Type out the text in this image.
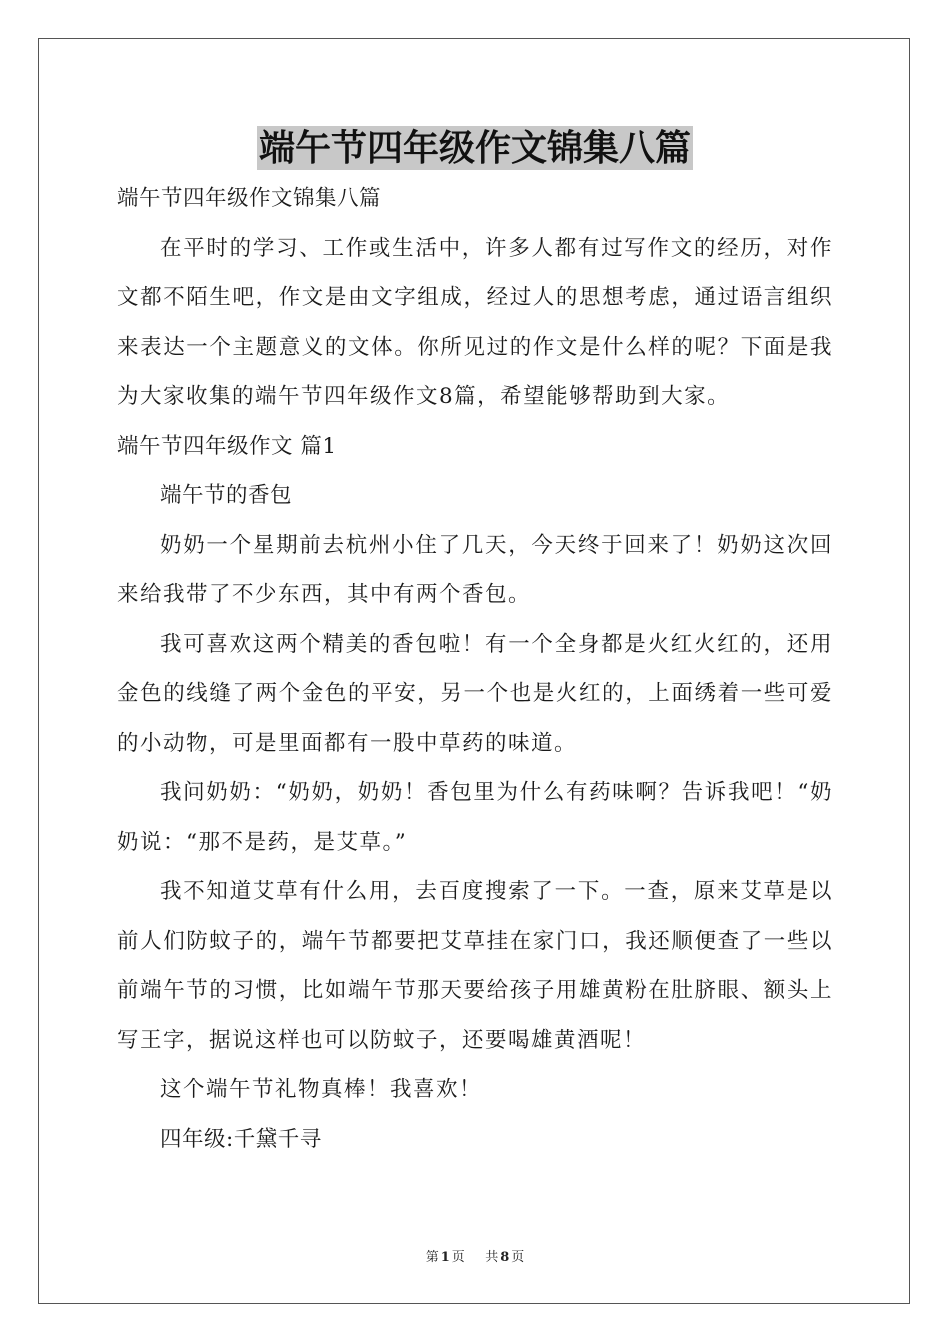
端午节四年级作文锦集八篇
端午节四年级作文锦集八篇

在平时的学习、工作或生活中，许多人都有过写作文的经历，对作文都不陌生吧，作文是由文字组成，经过人的思想考虑，通过语言组织来表达一个主题意义的文体。你所见过的作文是什么样的呢？下面是我为大家收集的端午节四年级作文8篇，希望能够帮助到大家。

端午节四年级作文 篇1
端午节的香包

奶奶一个星期前去杭州小住了几天，今天终于回来了！奶奶这次回来给我带了不少东西，其中有两个香包。

我可喜欢这两个精美的香包啦！有一个全身都是火红火红的，还用金色的线缝了两个金色的平安，另一个也是火红的，上面绣着一些可爱的小动物，可是里面都有一股中草药的味道。

我问奶奶：“奶奶，奶奶！香包里为什么有药味啊？告诉我吧！“奶奶说：“那不是药，是艾草。”

我不知道艾草有什么用，去百度搜索了一下。一查，原来艾草是以前人们防蚊子的，端午节都要把艾草挂在家门口，我还顺便查了一些以前端午节的习惯，比如端午节那天要给孩子用雄黄粉在肚脐眼、额头上写王字，据说这样也可以防蚊子，还要喝雄黄酒呢！

这个端午节礼物真棒！我喜欢！

四年级:千黛千寻
第 1 页 共 8 页
